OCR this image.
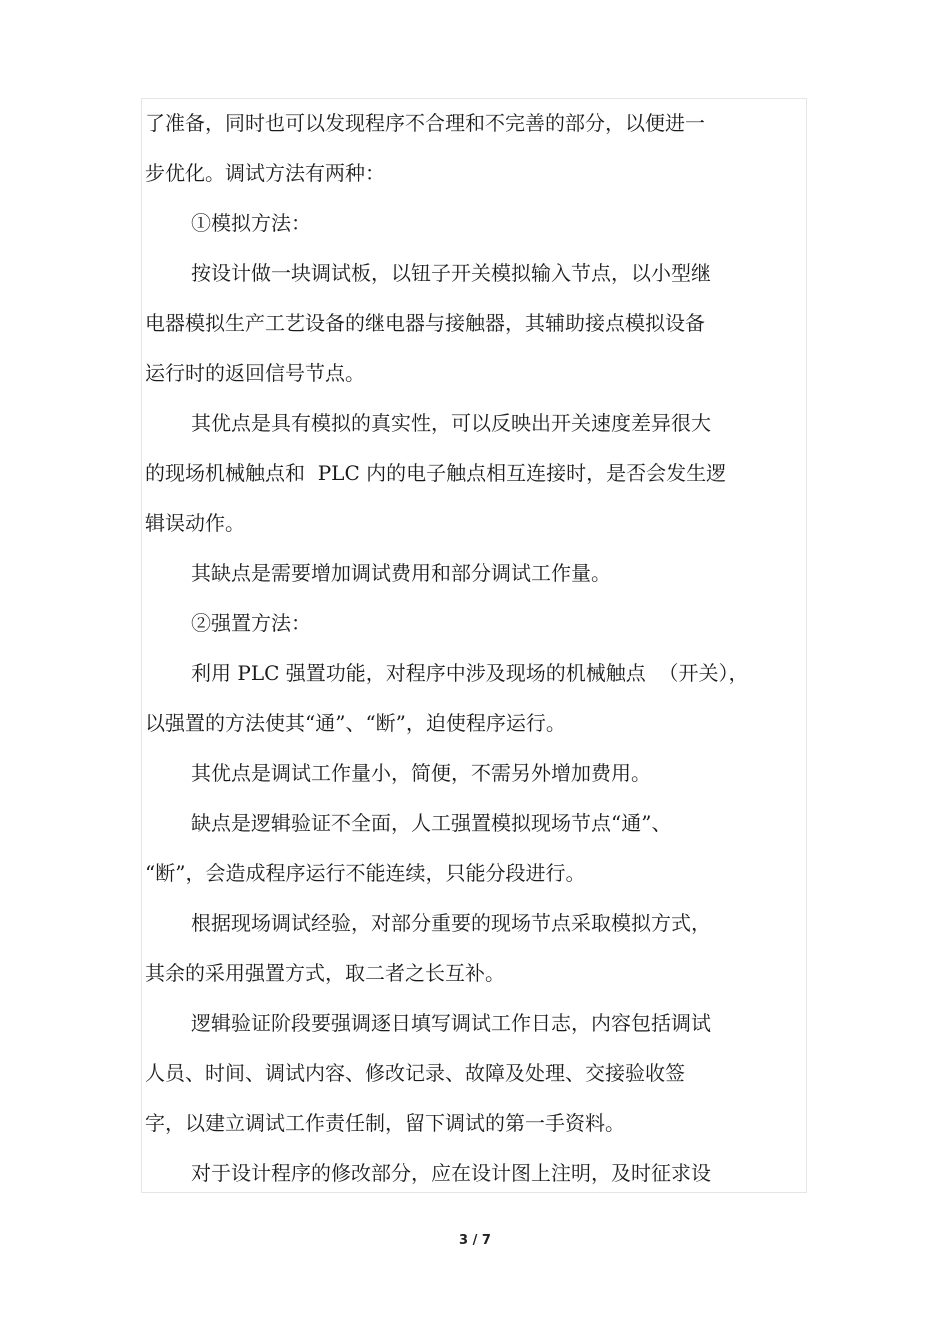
了准备，同时也可以发现程序不合理和不完善的部分，以便进一
步优化。调试方法有两种：
①模拟方法：
按设计做一块调试板，以钮子开关模拟输入节点，以小型继
电器模拟生产工艺设备的继电器与接触器，其辅助接点模拟设备
运行时的返回信号节点。
其优点是具有模拟的真实性，可以反映出开关速度差异很大
的现场机械触点和  PLC 内的电子触点相互连接时，是否会发生逻
辑误动作。
其缺点是需要增加调试费用和部分调试工作量。
②强置方法：
利用 PLC 强置功能，对程序中涉及现场的机械触点  （开关），
以强置的方法使其“通”、“断”，迫使程序运行。
其优点是调试工作量小，简便，不需另外增加费用。
缺点是逻辑验证不全面，人工强置模拟现场节点“通”、
“断”，会造成程序运行不能连续，只能分段进行。
根据现场调试经验，对部分重要的现场节点采取模拟方式，
其余的采用强置方式，取二者之长互补。
逻辑验证阶段要强调逐日填写调试工作日志，内容包括调试
人员、时间、调试内容、修改记录、故障及处理、交接验收签
字，以建立调试工作责任制，留下调试的第一手资料。
对于设计程序的修改部分，应在设计图上注明，及时征求设
3 / 7
